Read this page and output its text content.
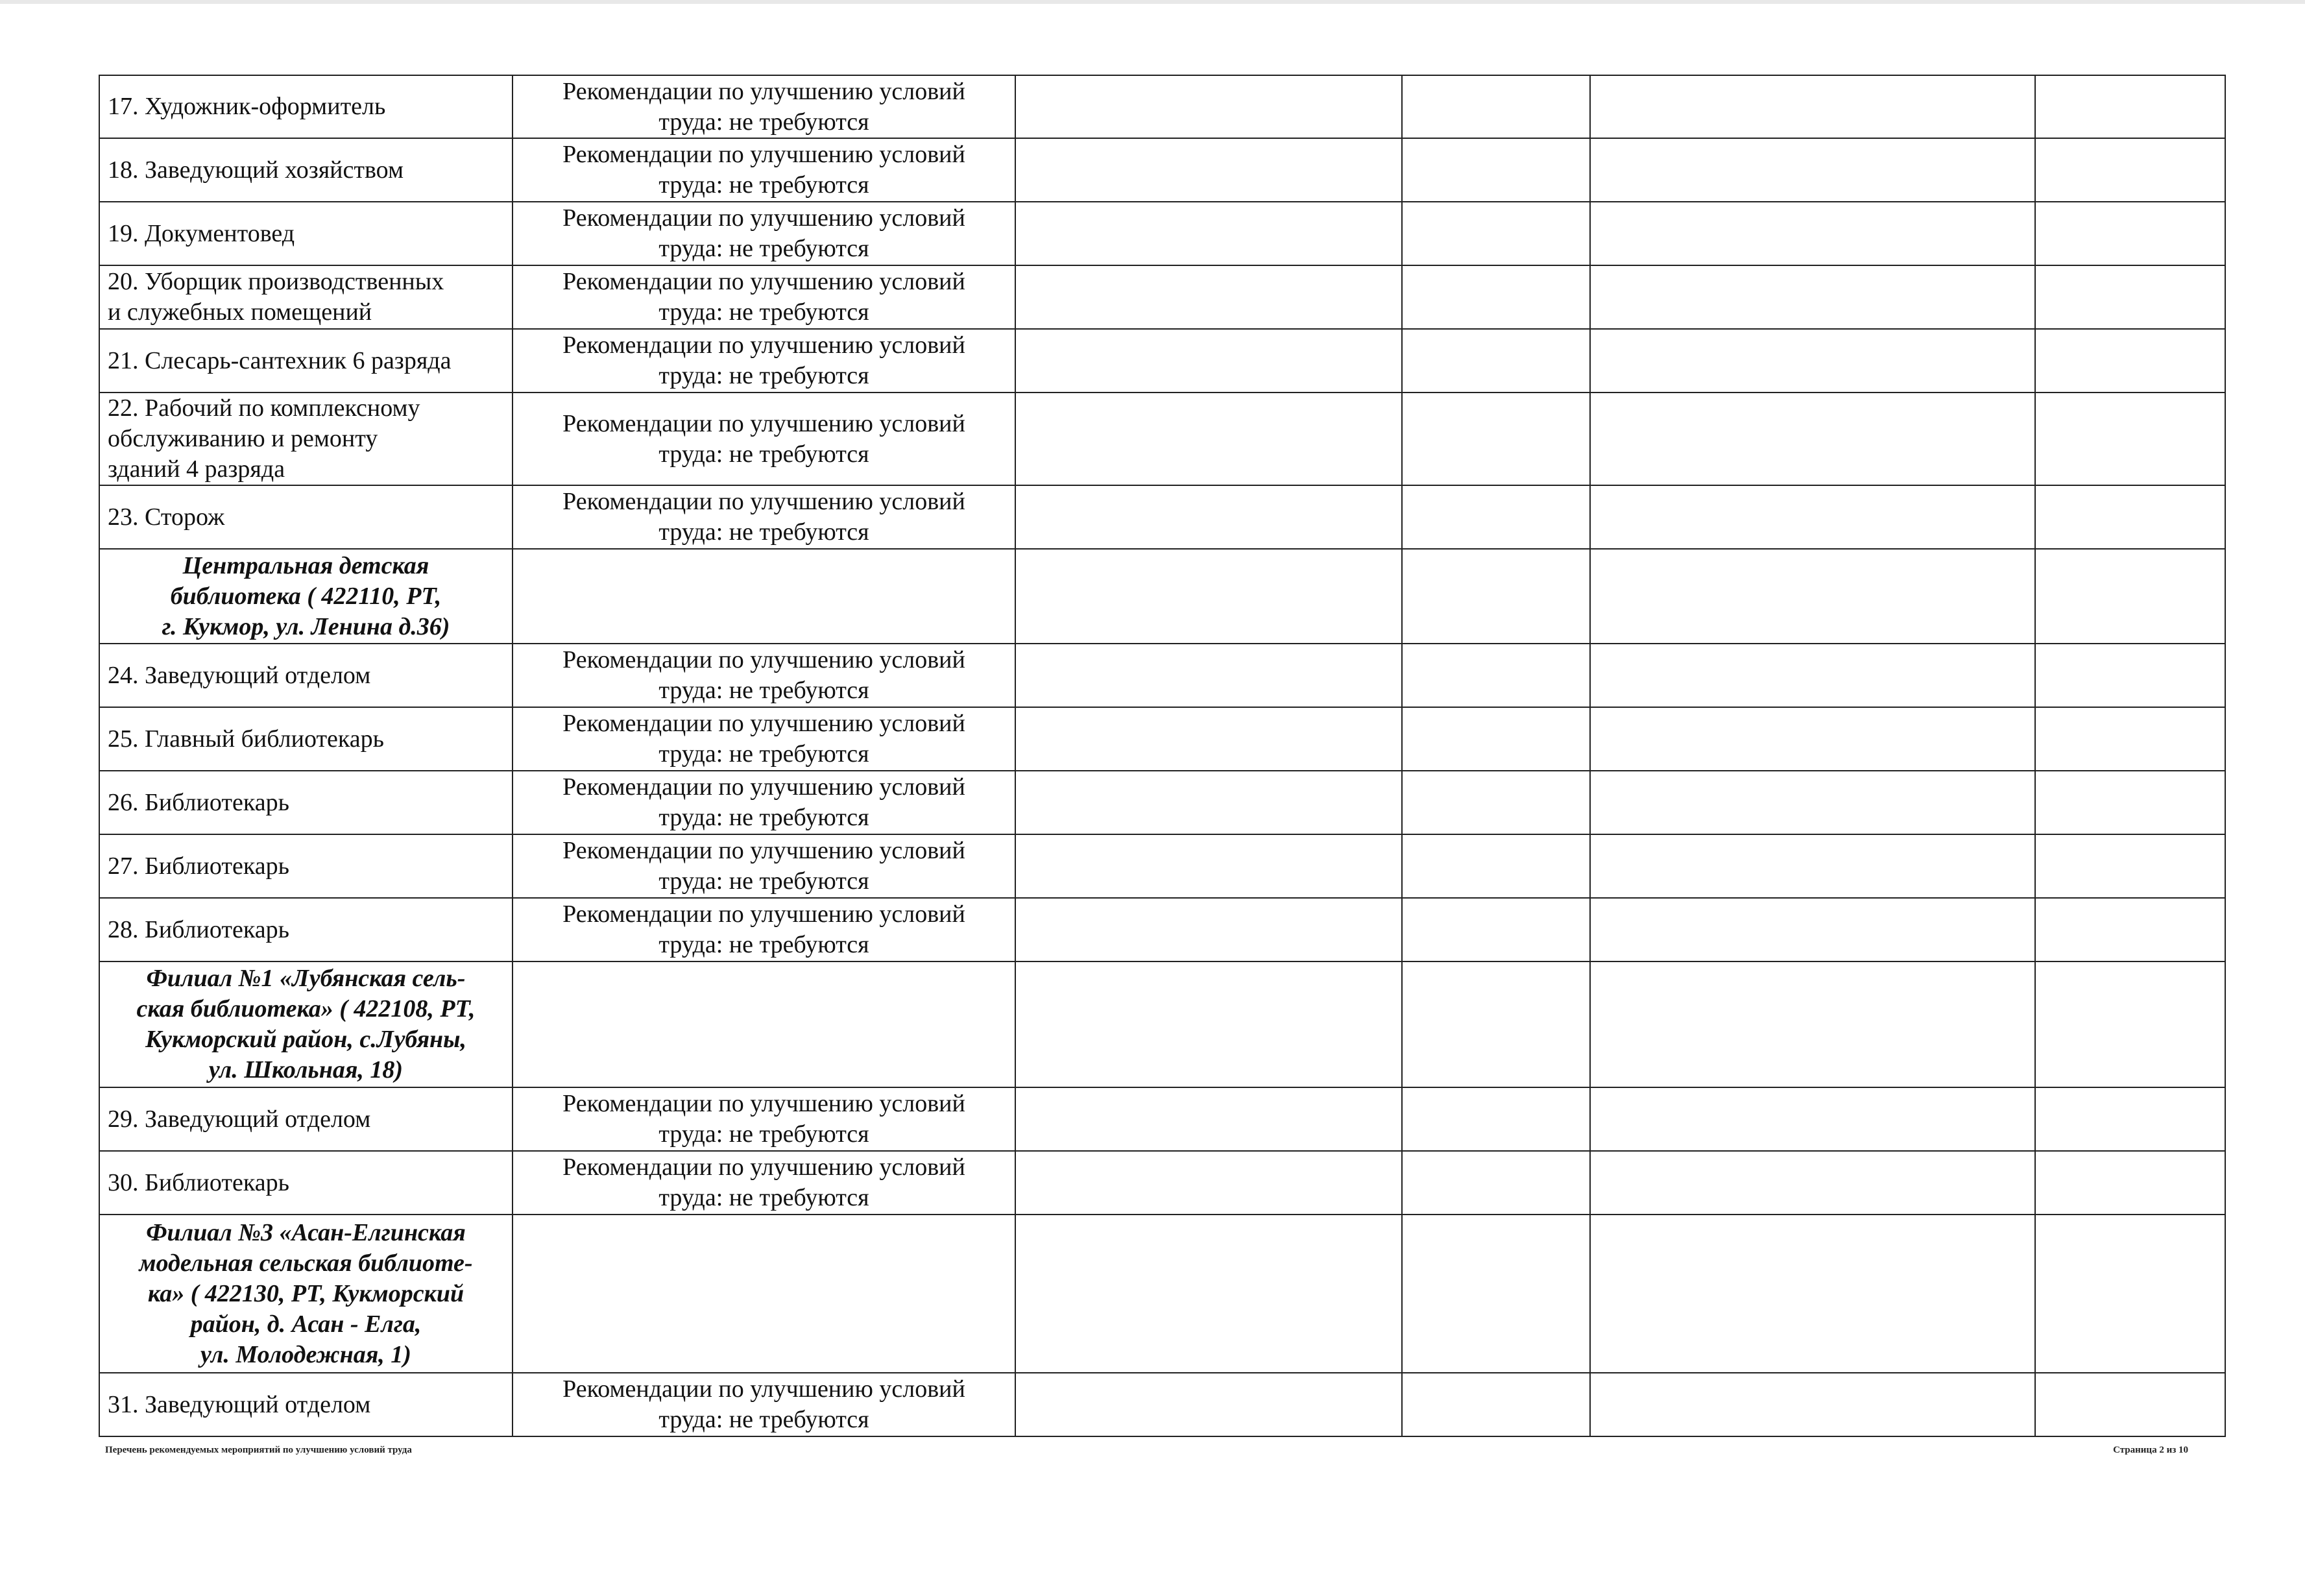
17. Художник-оформитель	Рекомендации по улучшению условий
труда: не требуются				

18. Заведующий хозяйством	Рекомендации по улучшению условий
труда: не требуются				

19. Документовед	Рекомендации по улучшению условий
труда: не требуются				

20. Уборщик производственных
и служебных помещений	Рекомендации по улучшению условий
труда: не требуются				

21. Слесарь-сантехник 6 разряда	Рекомендации по улучшению условий
труда: не требуются				

22. Рабочий по комплексному
обслуживанию и ремонту
зданий 4 разряда	Рекомендации по улучшению условий
труда: не требуются				

23. Сторож	Рекомендации по улучшению условий
труда: не требуются				

Центральная детская
библиотека ( 422110, РТ,
г. Кукмор, ул. Ленина д.36)					

24. Заведующий отделом	Рекомендации по улучшению условий
труда: не требуются				

25. Главный библиотекарь	Рекомендации по улучшению условий
труда: не требуются				

26. Библиотекарь	Рекомендации по улучшению условий
труда: не требуются				

27. Библиотекарь	Рекомендации по улучшению условий
труда: не требуются				

28. Библиотекарь	Рекомендации по улучшению условий
труда: не требуются				

Филиал №1 «Лубянская сель-
ская библиотека» ( 422108, РТ,
Кукморский район, с.Лубяны,
ул. Школьная, 18)					

29. Заведующий отделом	Рекомендации по улучшению условий
труда: не требуются				

30. Библиотекарь	Рекомендации по улучшению условий
труда: не требуются				

Филиал №3 «Асан-Елгинская
модельная сельская библиоте-
ка» ( 422130, РТ, Кукморский
район, д. Асан - Елга,
ул. Молодежная, 1)					

31. Заведующий отделом	Рекомендации по улучшению условий
труда: не требуются				

Перечень рекомендуемых мероприятий по улучшению условий труда	Страница 2 из 10
